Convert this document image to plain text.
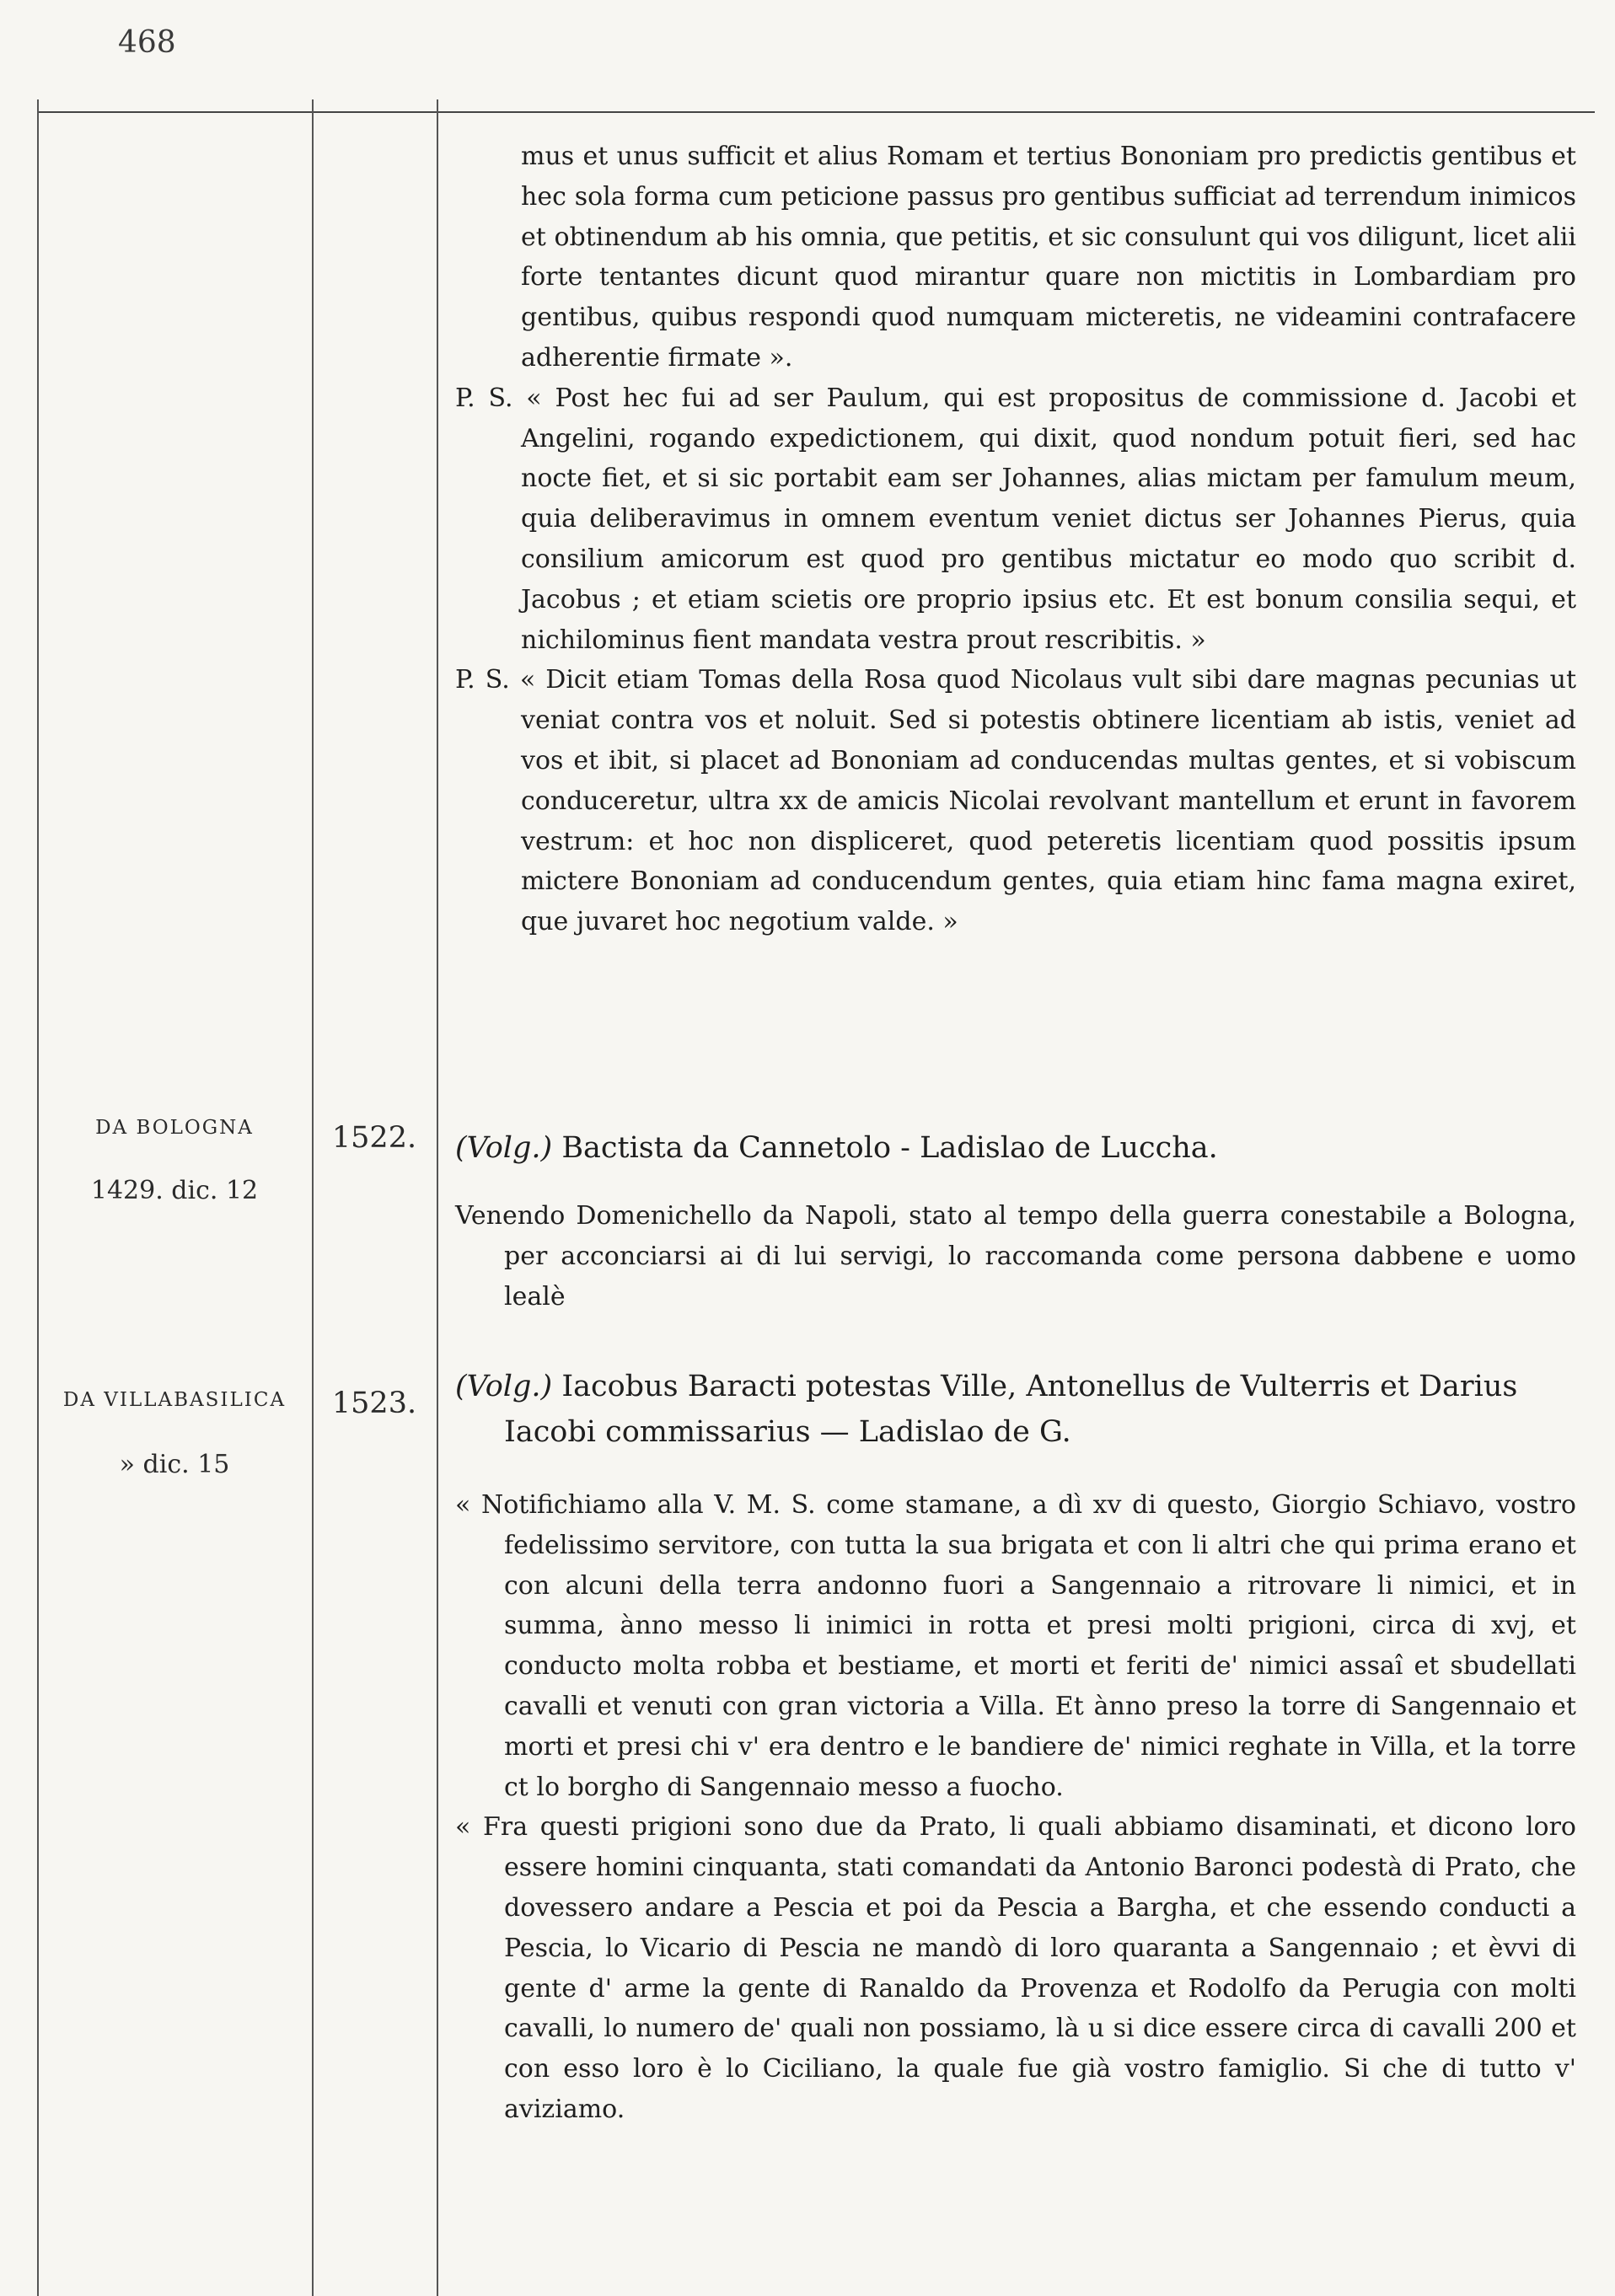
468

mus et unus sufficit et alius Romam et tertius Bononiam pro predictis gentibus et hec sola forma cum peticione passus pro gentibus sufficiat ad terrendum inimicos et obtinendum ab his omnia, que petitis, et sic consulunt qui vos diligunt, licet alii forte tentantes dicunt quod mirantur quare non mictitis in Lombardiam pro gentibus, quibus respondi quod numquam micteretis, ne videamini contrafacere adherentie firmate ».

P. S. « Post hec fui ad ser Paulum, qui est propositus de commissione d. Jacobi et Angelini, rogando expedictionem, qui dixit, quod nondum potuit fieri, sed hac nocte fiet, et si sic portabit eam ser Johannes, alias mictam per famulum meum, quia deliberavimus in omnem eventum veniet dictus ser Johannes Pierus, quia consilium amicorum est quod pro gentibus mictatur eo modo quo scribit d. Jacobus ; et etiam scietis ore proprio ipsius etc. Et est bonum consilia sequi, et nichilominus fient mandata vestra prout rescribitis. »

P. S. « Dicit etiam Tomas della Rosa quod Nicolaus vult sibi dare magnas pecunias ut veniat contra vos et noluit. Sed si potestis obtinere licentiam ab istis, veniet ad vos et ibit, si placet ad Bononiam ad conducendas multas gentes, et si vobiscum conduceretur, ultra xx de amicis Nicolai revolvant mantellum et erunt in favorem vestrum: et hoc non displiceret, quod peteretis licentiam quod possitis ipsum mictere Bononiam ad conducendum gentes, quia etiam hinc fama magna exiret, que juvaret hoc negotium valde. »

DA BOLOGNA
1429. dic. 12
1522.	(Volg.) Bactista da Cannetolo - Ladislao de Luccha.

Venendo Domenichello da Napoli, stato al tempo della guerra conestabile a Bologna, per acconciarsi ai di lui servigi, lo raccomanda come persona dabbene e uomo lealè

DA VILLABASILICA
» dic. 15
1523.	(Volg.) Iacobus Baracti potestas Ville, Antonellus de Vulterris et Darius Iacobi commissarius — Ladislao de G.

« Notifichiamo alla V. M. S. come stamane, a dì xv di questo, Giorgio Schiavo, vostro fedelissimo servitore, con tutta la sua brigata et con li altri che qui prima erano et con alcuni della terra andonno fuori a Sangennaio a ritrovare li nimici, et in summa, ànno messo li inimici in rotta et presi molti prigioni, circa di xvj, et conducto molta robba et bestiame, et morti et feriti de' nimici assaî et sbudellati cavalli et venuti con gran victoria a Villa. Et ànno preso la torre di Sangennaio et morti et presi chi v' era dentro e le bandiere de' nimici reghate in Villa, et la torre ct lo borgho di Sangennaio messo a fuocho.

« Fra questi prigioni sono due da Prato, li quali abbiamo disaminati, et dicono loro essere homini cinquanta, stati comandati da Antonio Baronci podestà di Prato, che dovessero andare a Pescia et poi da Pescia a Bargha, et che essendo conducti a Pescia, lo Vicario di Pescia ne mandò di loro quaranta a Sangennaio ; et èvvi di gente d' arme la gente di Ranaldo da Provenza et Rodolfo da Perugia con molti cavalli, lo numero de' quali non possiamo, là u si dice essere circa di cavalli 200 et con esso loro è lo Ciciliano, la quale fue già vostro famiglio. Si che di tutto v' aviziamo.
